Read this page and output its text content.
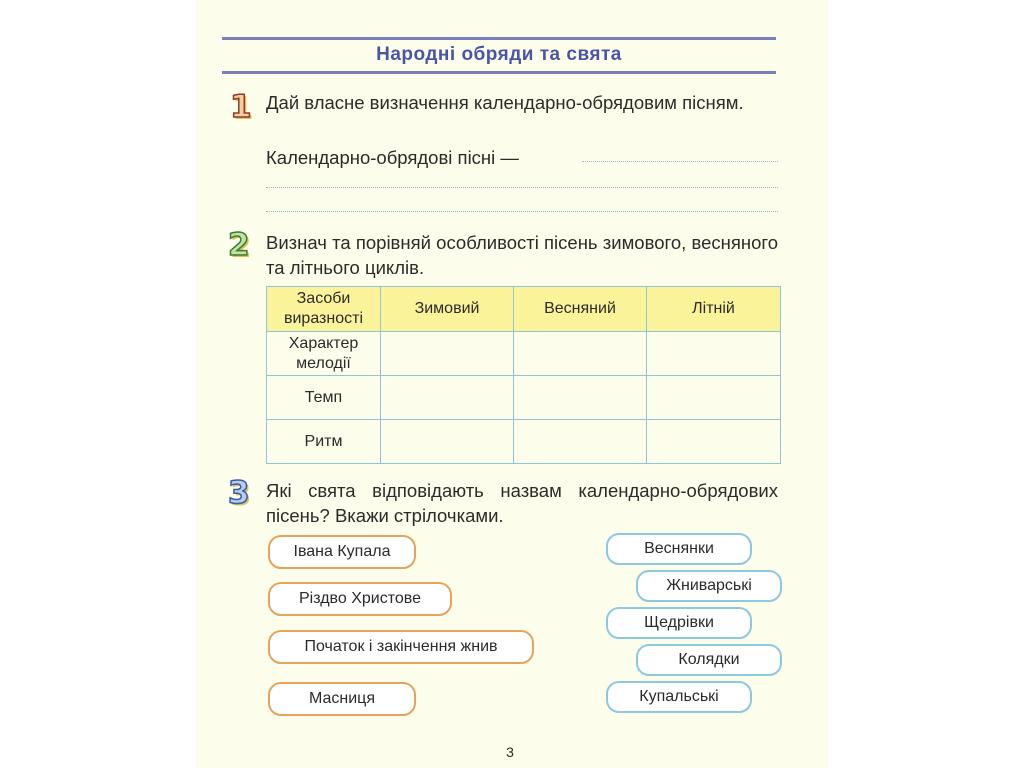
Народні обряди та свята
1 Дай власне визначення календарно-обрядовим пісням.
Календарно-обрядові пісні —
2 Визнач та порівняй особливості пісень зимового, весняного та літнього циклів.
Засоби виразності	Зимовий	Весняний	Літній
Характер мелодії			
Темп			
Ритм			
3 Які свята відповідають назвам календарно-обрядових пісень? Вкажи стрілочками.
Івана Купала
Різдво Христове
Початок і закінчення жнив
Масниця
Веснянки
Жниварські
Щедрівки
Колядки
Купальські
3
